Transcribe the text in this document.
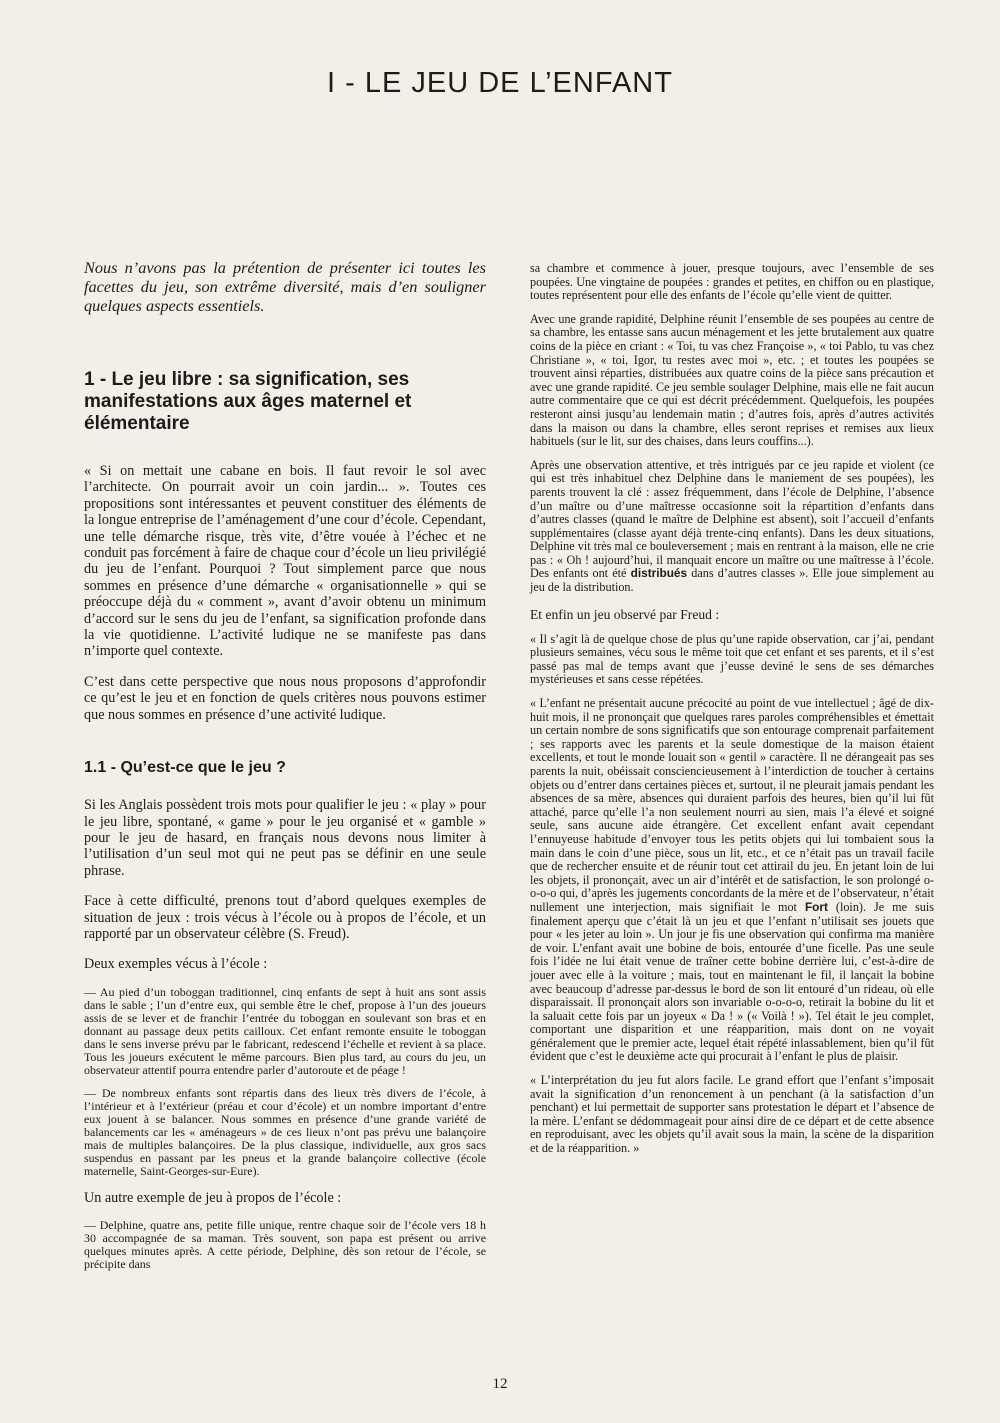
I - LE JEU DE L’ENFANT

Nous n’avons pas la prétention de présenter ici toutes les facettes du jeu, son extrême diversité, mais d’en souligner quelques aspects essentiels.

1 - Le jeu libre : sa signification, ses manifestations aux âges maternel et élémentaire

« Si on mettait une cabane en bois. Il faut revoir le sol avec l’architecte. On pourrait avoir un coin jardin... ». Toutes ces propositions sont intéressantes et peuvent constituer des éléments de la longue entreprise de l’aménagement d’une cour d’école. Cependant, une telle démarche risque, très vite, d’être vouée à l’échec et ne conduit pas forcément à faire de chaque cour d’école un lieu privilégié du jeu de l’enfant. Pourquoi ? Tout simplement parce que nous sommes en présence d’une démarche « organisationnelle » qui se préoccupe déjà du « comment », avant d’avoir obtenu un minimum d’accord sur le sens du jeu de l’enfant, sa signification profonde dans la vie quotidienne. L’activité ludique ne se manifeste pas dans n’importe quel contexte.

C’est dans cette perspective que nous nous proposons d’approfondir ce qu’est le jeu et en fonction de quels critères nous pouvons estimer que nous sommes en présence d’une activité ludique.

1.1 - Qu’est-ce que le jeu ?

Si les Anglais possèdent trois mots pour qualifier le jeu : « play » pour le jeu libre, spontané, « game » pour le jeu organisé et « gamble » pour le jeu de hasard, en français nous devons nous limiter à l’utilisation d’un seul mot qui ne peut pas se définir en une seule phrase.

Face à cette difficulté, prenons tout d’abord quelques exemples de situation de jeux : trois vécus à l’école ou à propos de l’école, et un rapporté par un observateur célèbre (S. Freud).

Deux exemples vécus à l’école :

— Au pied d’un toboggan traditionnel, cinq enfants de sept à huit ans sont assis dans le sable ; l’un d’entre eux, qui semble être le chef, propose à l’un des joueurs assis de se lever et de franchir l’entrée du toboggan en soulevant son bras et en donnant au passage deux petits cailloux. Cet enfant remonte ensuite le toboggan dans le sens inverse prévu par le fabricant, redescend l’échelle et revient à sa place. Tous les joueurs exécutent le même parcours. Bien plus tard, au cours du jeu, un observateur attentif pourra entendre parler d’autoroute et de péage !

— De nombreux enfants sont répartis dans des lieux très divers de l’école, à l’intérieur et à l’extérieur (préau et cour d’école) et un nombre important d’entre eux jouent à se balancer. Nous sommes en présence d’une grande variété de balancements car les « aménageurs » de ces lieux n’ont pas prévu une balançoire mais de multiples balançoires. De la plus classique, individuelle, aux gros sacs suspendus en passant par les pneus et la grande balançoire collective (école maternelle, Saint-Georges-sur-Eure).

Un autre exemple de jeu à propos de l’école :

— Delphine, quatre ans, petite fille unique, rentre chaque soir de l’école vers 18 h 30 accompagnée de sa maman. Très souvent, son papa est présent ou arrive quelques minutes après. A cette période, Delphine, dès son retour de l’école, se précipite dans

sa chambre et commence à jouer, presque toujours, avec l’ensemble de ses poupées. Une vingtaine de poupées : grandes et petites, en chiffon ou en plastique, toutes représentent pour elle des enfants de l’école qu’elle vient de quitter.

Avec une grande rapidité, Delphine réunit l’ensemble de ses poupées au centre de sa chambre, les entasse sans aucun ménagement et les jette brutalement aux quatre coins de la pièce en criant : « Toi, tu vas chez Françoise », « toi Pablo, tu vas chez Christiane », « toi, Igor, tu restes avec moi », etc. ; et toutes les poupées se trouvent ainsi réparties, distribuées aux quatre coins de la pièce sans précaution et avec une grande rapidité. Ce jeu semble soulager Delphine, mais elle ne fait aucun autre commentaire que ce qui est décrit précédemment. Quelquefois, les poupées resteront ainsi jusqu’au lendemain matin ; d’autres fois, après d’autres activités dans la maison ou dans la chambre, elles seront reprises et remises aux lieux habituels (sur le lit, sur des chaises, dans leurs couffins...).

Après une observation attentive, et très intrigués par ce jeu rapide et violent (ce qui est très inhabituel chez Delphine dans le maniement de ses poupées), les parents trouvent la clé : assez fréquemment, dans l’école de Delphine, l’absence d’un maître ou d’une maîtresse occasionne soit la répartition d’enfants dans d’autres classes (quand le maître de Delphine est absent), soit l’accueil d’enfants supplémentaires (classe ayant déjà trente-cinq enfants). Dans les deux situations, Delphine vit très mal ce bouleversement ; mais en rentrant à la maison, elle ne crie pas : « Oh ! aujourd’hui, il manquait encore un maître ou une maîtresse à l’école. Des enfants ont été distribués dans d’autres classes ». Elle joue simplement au jeu de la distribution.

Et enfin un jeu observé par Freud :

« Il s’agit là de quelque chose de plus qu’une rapide observation, car j’ai, pendant plusieurs semaines, vécu sous le même toit que cet enfant et ses parents, et il s’est passé pas mal de temps avant que j’eusse deviné le sens de ses démarches mystérieuses et sans cesse répétées.

« L’enfant ne présentait aucune précocité au point de vue intellectuel ; âgé de dix-huit mois, il ne prononçait que quelques rares paroles compréhensibles et émettait un certain nombre de sons significatifs que son entourage comprenait parfaitement ; ses rapports avec les parents et la seule domestique de la maison étaient excellents, et tout le monde louait son « gentil » caractère. Il ne dérangeait pas ses parents la nuit, obéissait consciencieusement à l’interdiction de toucher à certains objets ou d’entrer dans certaines pièces et, surtout, il ne pleurait jamais pendant les absences de sa mère, absences qui duraient parfois des heures, bien qu’il lui fût attaché, parce qu’elle l’a non seulement nourri au sien, mais l’a élevé et soigné seule, sans aucune aide étrangère. Cet excellent enfant avait cependant l’ennuyeuse habitude d’envoyer tous les petits objets qui lui tombaient sous la main dans le coin d’une pièce, sous un lit, etc., et ce n’était pas un travail facile que de rechercher ensuite et de réunir tout cet attirail du jeu. En jetant loin de lui les objets, il prononçait, avec un air d’intérêt et de satisfaction, le son prolongé o-o-o-o qui, d’après les jugements concordants de la mère et de l’observateur, n’était nullement une interjection, mais signifiait le mot Fort (loin). Je me suis finalement aperçu que c’était là un jeu et que l’enfant n’utilisait ses jouets que pour « les jeter au loin ». Un jour je fis une observation qui confirma ma manière de voir. L’enfant avait une bobine de bois, entourée d’une ficelle. Pas une seule fois l’idée ne lui était venue de traîner cette bobine derrière lui, c’est-à-dire de jouer avec elle à la voiture ; mais, tout en maintenant le fil, il lançait la bobine avec beaucoup d’adresse par-dessus le bord de son lit entouré d’un rideau, où elle disparaissait. Il prononçait alors son invariable o-o-o-o, retirait la bobine du lit et la saluait cette fois par un joyeux « Da ! » (« Voilà ! »). Tel était le jeu complet, comportant une disparition et une réapparition, mais dont on ne voyait généralement que le premier acte, lequel était répété inlassablement, bien qu’il fût évident que c’est le deuxième acte qui procurait à l’enfant le plus de plaisir.

« L’interprétation du jeu fut alors facile. Le grand effort que l’enfant s’imposait avait la signification d’un renoncement à un penchant (à la satisfaction d’un penchant) et lui permettait de supporter sans protestation le départ et l’absence de la mère. L’enfant se dédommageait pour ainsi dire de ce départ et de cette absence en reproduisant, avec les objets qu’il avait sous la main, la scène de la disparition et de la réapparition. »

12
